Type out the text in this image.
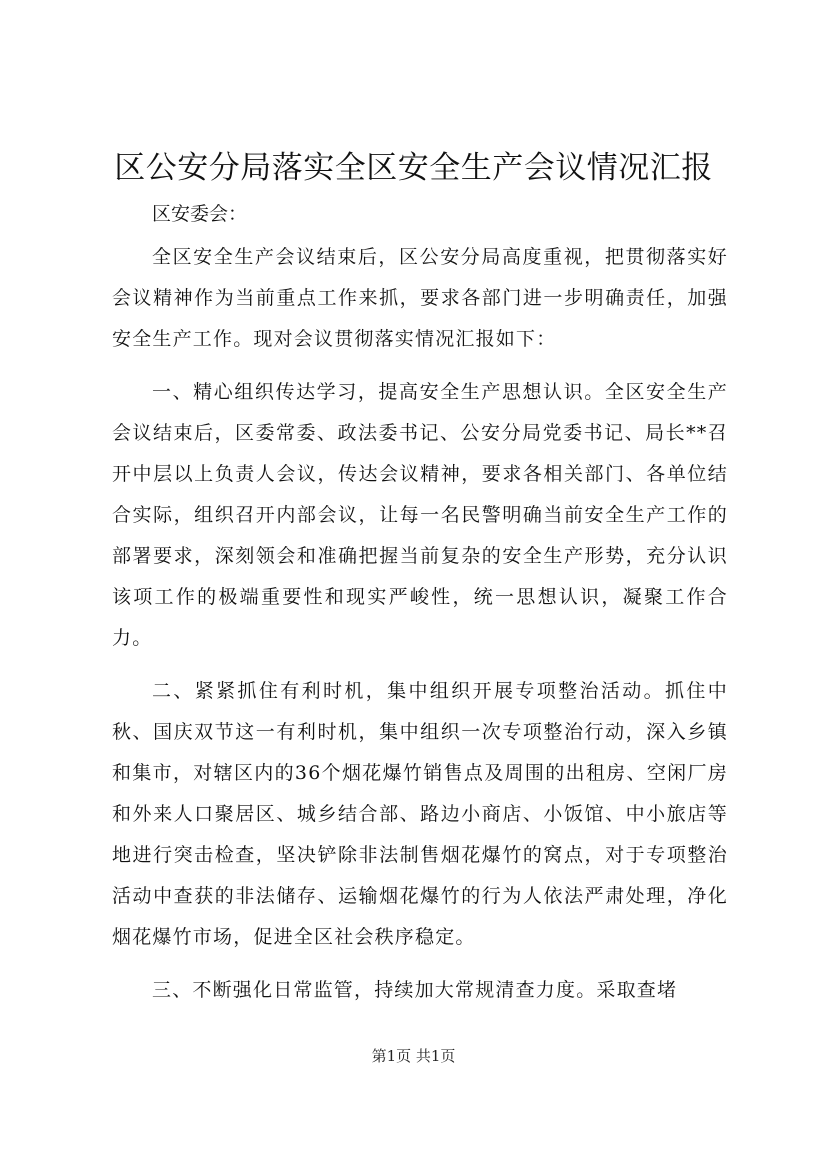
区公安分局落实全区安全生产会议情况汇报

区安委会：

全区安全生产会议结束后，区公安分局高度重视，把贯彻落实好会议精神作为当前重点工作来抓，要求各部门进一步明确责任，加强安全生产工作。现对会议贯彻落实情况汇报如下：

一、精心组织传达学习，提高安全生产思想认识。全区安全生产会议结束后，区委常委、政法委书记、公安分局党委书记、局长**召开中层以上负责人会议，传达会议精神，要求各相关部门、各单位结合实际，组织召开内部会议，让每一名民警明确当前安全生产工作的部署要求，深刻领会和准确把握当前复杂的安全生产形势，充分认识该项工作的极端重要性和现实严峻性，统一思想认识，凝聚工作合力。

二、紧紧抓住有利时机，集中组织开展专项整治活动。抓住中秋、国庆双节这一有利时机，集中组织一次专项整治行动，深入乡镇和集市，对辖区内的36个烟花爆竹销售点及周围的出租房、空闲厂房和外来人口聚居区、城乡结合部、路边小商店、小饭馆、中小旅店等地进行突击检查，坚决铲除非法制售烟花爆竹的窝点，对于专项整治活动中查获的非法储存、运输烟花爆竹的行为人依法严肃处理，净化烟花爆竹市场，促进全区社会秩序稳定。

三、不断强化日常监管，持续加大常规清查力度。采取查堵

第1页 共1页
